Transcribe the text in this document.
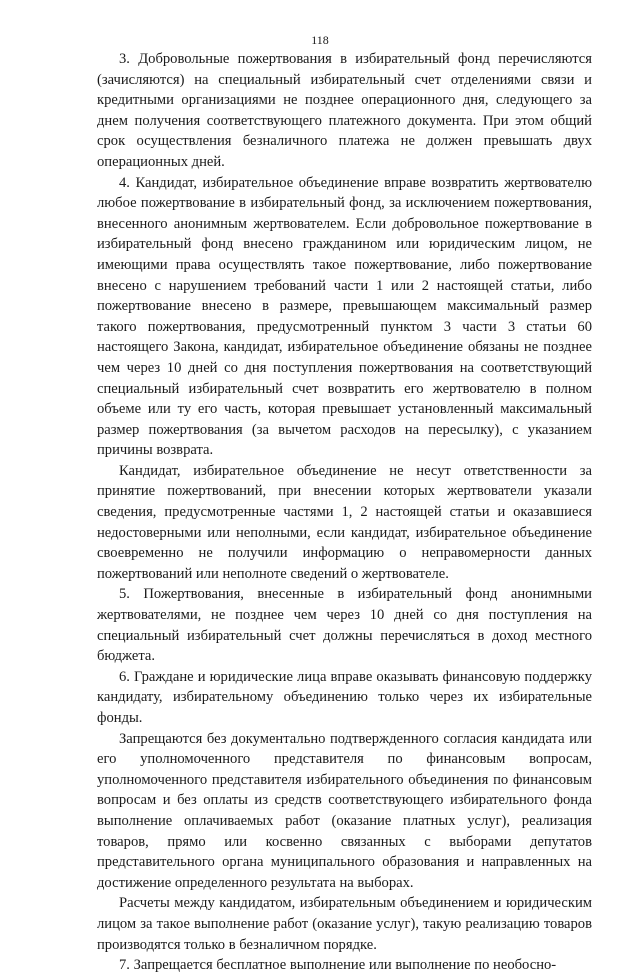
118

3. Добровольные пожертвования в избирательный фонд перечисляются (зачисляются) на специальный избирательный счет отделениями связи и кредитными организациями не позднее операционного дня, следующего за днем получения соответствующего платежного документа. При этом общий срок осуществления безналичного платежа не должен превышать двух операционных дней.

4. Кандидат, избирательное объединение вправе возвратить жертвователю любое пожертвование в избирательный фонд, за исключением пожертвования, внесенного анонимным жертвователем. Если добровольное пожертвование в избирательный фонд внесено гражданином или юридическим лицом, не имеющими права осуществлять такое пожертвование, либо пожертвование внесено с нарушением требований части 1 или 2 настоящей статьи, либо пожертвование внесено в размере, превышающем максимальный размер такого пожертвования, предусмотренный пунктом 3 части 3 статьи 60 настоящего Закона, кандидат, избирательное объединение обязаны не позднее чем через 10 дней со дня поступления пожертвования на соответствующий специальный избирательный счет возвратить его жертвователю в полном объеме или ту его часть, которая превышает установленный максимальный размер пожертвования (за вычетом расходов на пересылку), с указанием причины возврата.

Кандидат, избирательное объединение не несут ответственности за принятие пожертвований, при внесении которых жертвователи указали сведения, предусмотренные частями 1, 2 настоящей статьи и оказавшиеся недостоверными или неполными, если кандидат, избирательное объединение своевременно не получили информацию о неправомерности данных пожертвований или неполноте сведений о жертвователе.

5. Пожертвования, внесенные в избирательный фонд анонимными жертвователями, не позднее чем через 10 дней со дня поступления на специальный избирательный счет должны перечисляться в доход местного бюджета.

6. Граждане и юридические лица вправе оказывать финансовую поддержку кандидату, избирательному объединению только через их избирательные фонды.

Запрещаются без документально подтвержденного согласия кандидата или его уполномоченного представителя по финансовым вопросам, уполномоченного представителя избирательного объединения по финансовым вопросам и без оплаты из средств соответствующего избирательного фонда выполнение оплачиваемых работ (оказание платных услуг), реализация товаров, прямо или косвенно связанных с выборами депутатов представительного органа муниципального образования и направленных на достижение определенного результата на выборах.

Расчеты между кандидатом, избирательным объединением и юридическим лицом за такое выполнение работ (оказание услуг), такую реализацию товаров производятся только в безналичном порядке.

7. Запрещается бесплатное выполнение или выполнение по необосно-
